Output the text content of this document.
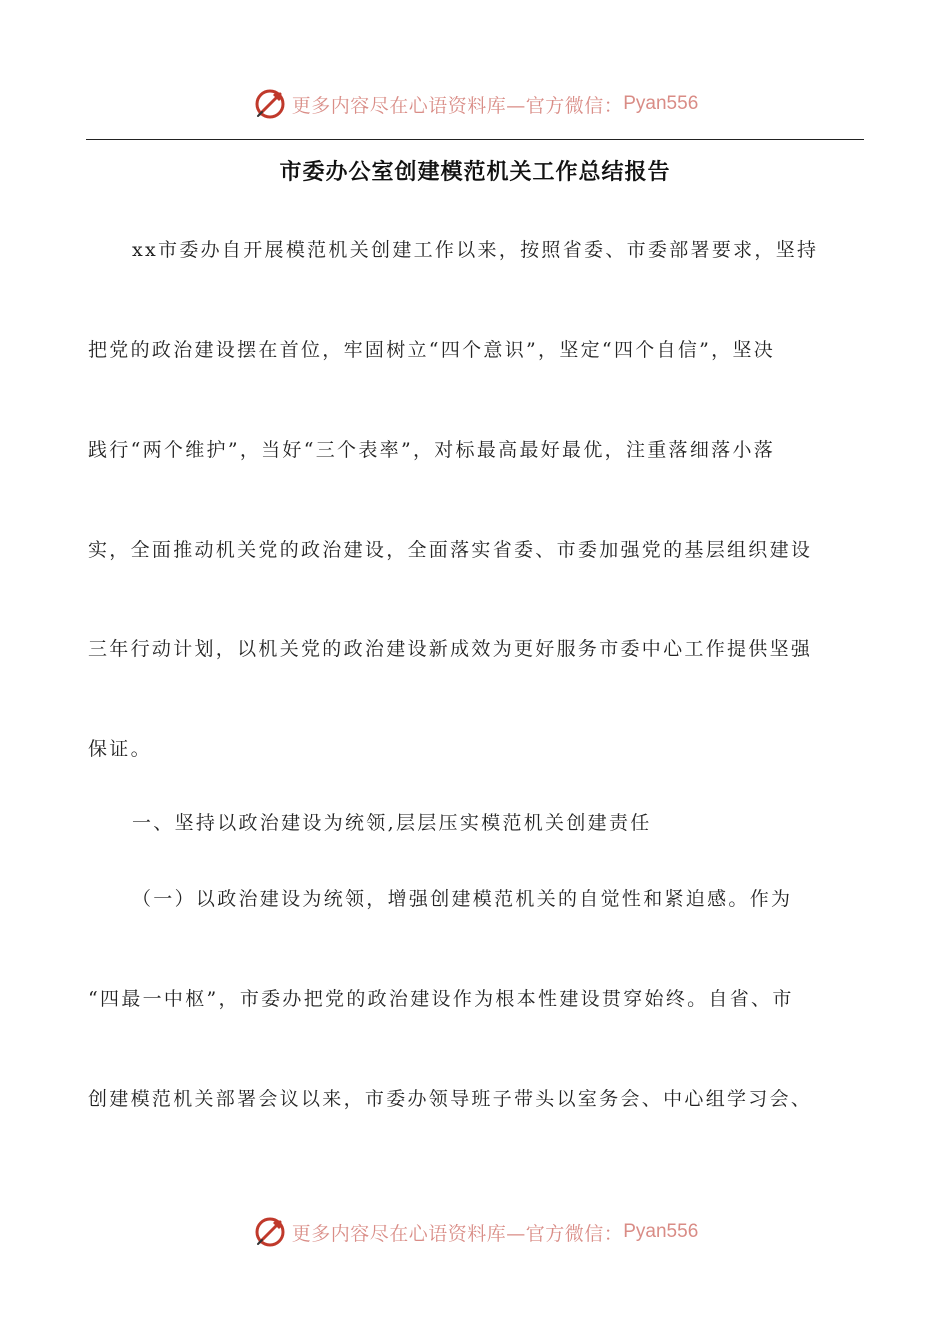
更多内容尽在心语资料库—官方微信： Pyan556
市委办公室创建模范机关工作总结报告
xx市委办自开展模范机关创建工作以来，按照省委、市委部署要求，坚持
把党的政治建设摆在首位，牢固树立“四个意识”，坚定“四个自信”，坚决
践行“两个维护”，当好“三个表率”，对标最高最好最优，注重落细落小落
实，全面推动机关党的政治建设，全面落实省委、市委加强党的基层组织建设
三年行动计划，以机关党的政治建设新成效为更好服务市委中心工作提供坚强
保证。
一、坚持以政治建设为统领,层层压实模范机关创建责任
（一）以政治建设为统领，增强创建模范机关的自觉性和紧迫感。作为
“四最一中枢”，市委办把党的政治建设作为根本性建设贯穿始终。自省、市
创建模范机关部署会议以来，市委办领导班子带头以室务会、中心组学习会、
更多内容尽在心语资料库—官方微信： Pyan556
